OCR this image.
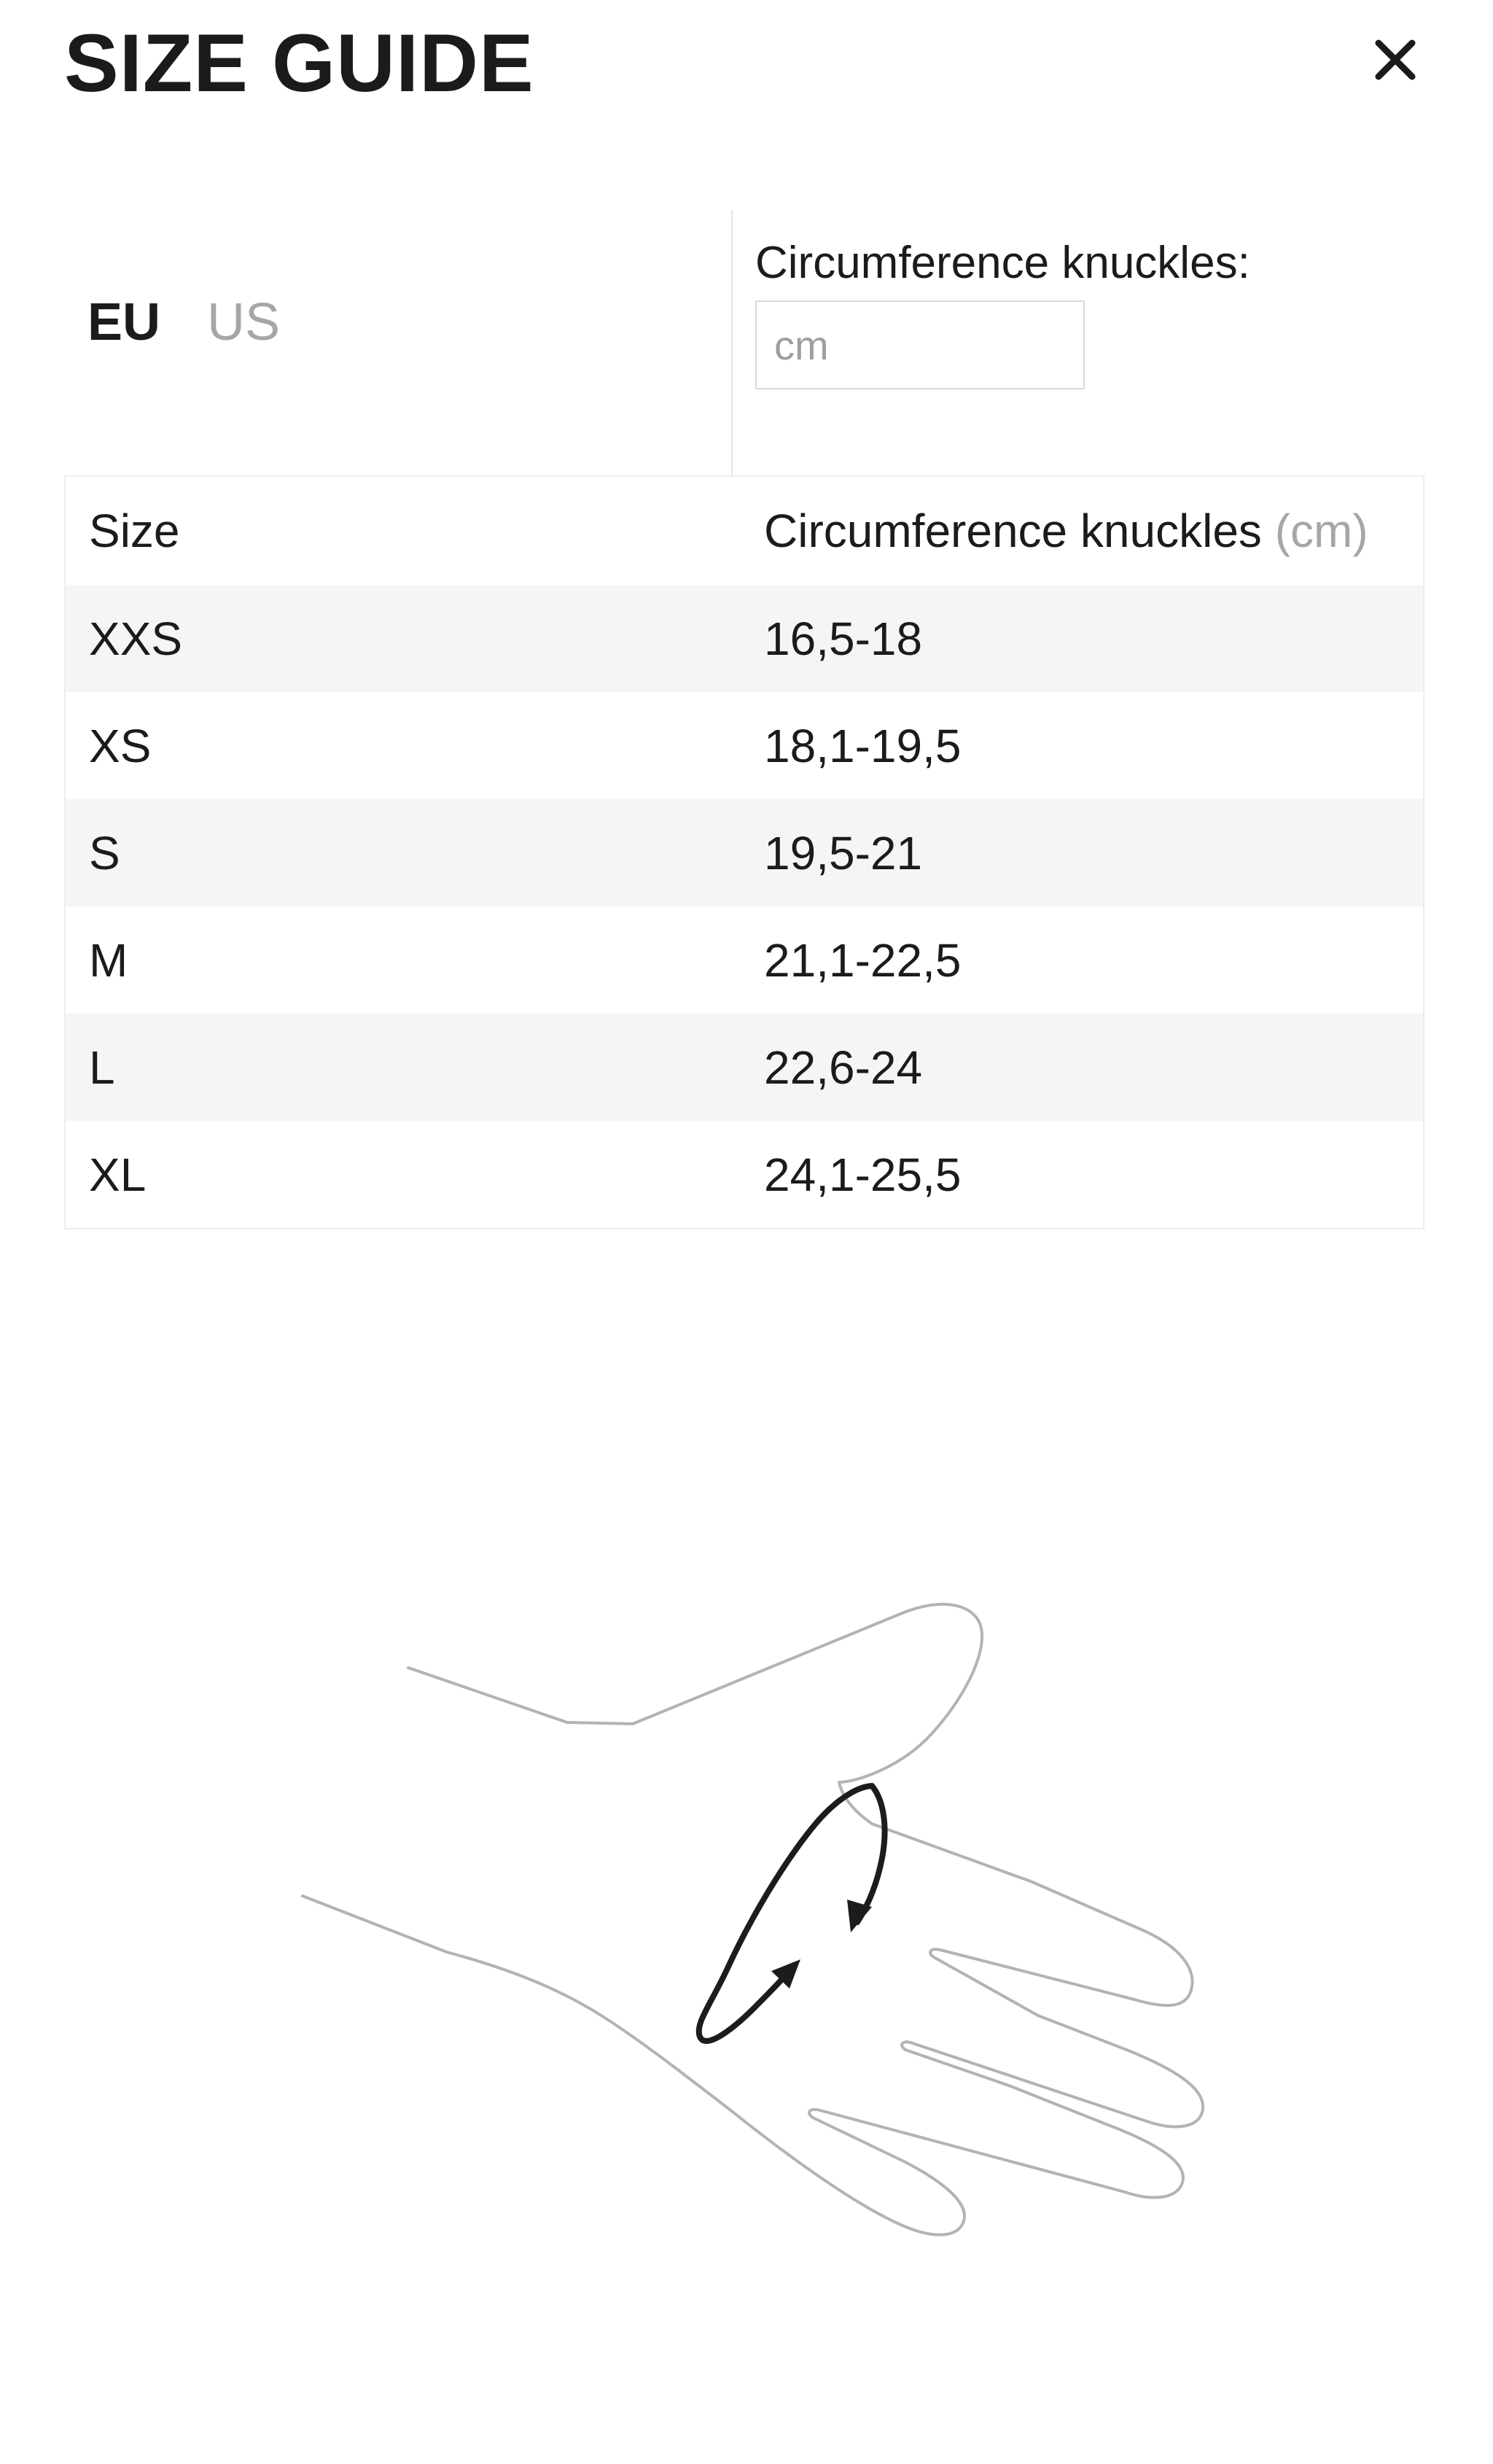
SIZE GUIDE
EU US
Circumference knuckles:
cm
Size	Circumference knuckles (cm)
XXS	16,5-18
XS	18,1-19,5
S	19,5-21
M	21,1-22,5
L	22,6-24
XL	24,1-25,5
